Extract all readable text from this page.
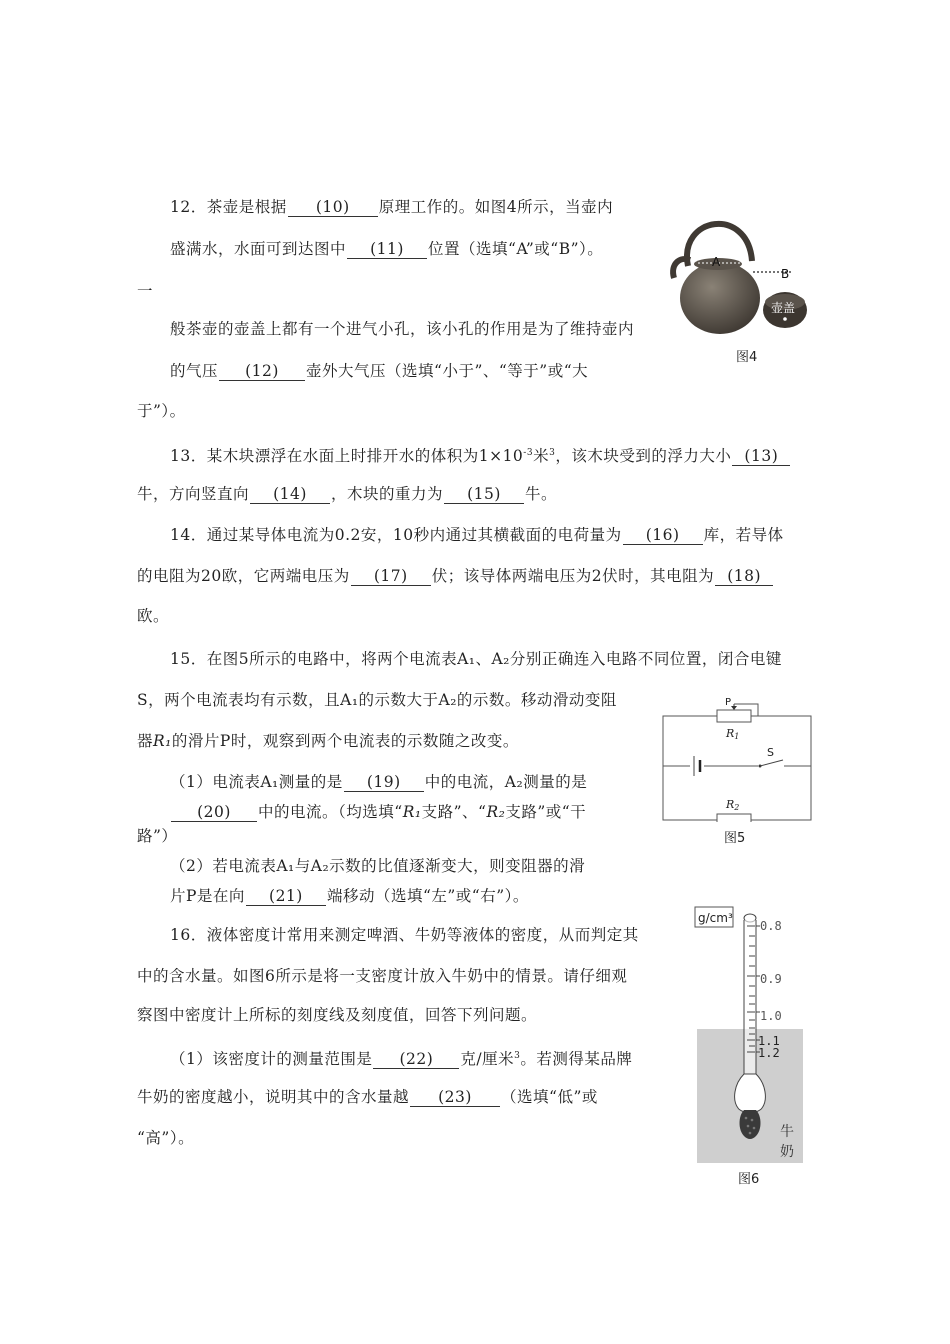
12．茶壶是根据 (10) 原理工作的。如图4所示，当壶内
盛满水，水面可到达图中 (11) 位置（选填“A”或“B”）。
一
般茶壶的壶盖上都有一个进气小孔，该小孔的作用是为了维持壶内
的气压 (12) 壶外大气压（选填“小于”、“等于”或“大
于”）。
A
B
壶盖
图4
13．某木块漂浮在水面上时排开水的体积为$1\times 10^{-3}$米$^3$，该木块受到的浮力大小 (13)
牛，方向竖直向 (14) ，木块的重力为 (15) 牛。
14．通过某导体电流为0.2安，10秒内通过其横截面的电荷量为 (16) 库，若导体
的电阻为20欧，它两端电压为 (17) 伏；该导体两端电压为2伏时，其电阻为 (18)
欧。
15．在图5所示的电路中，将两个电流表A₁、A₂分别正确连入电路不同位置，闭合电键
S，两个电流表均有示数，且A₁的示数大于A₂的示数。移动滑动变阻
器R₁的滑片P时，观察到两个电流表的示数随之改变。
（1）电流表A₁测量的是 (19) 中的电流，A₂测量的是
(20) 中的电流。（均选填“R₁支路”、“R₂支路”或“干
路”）
（2）若电流表A₁与A₂示数的比值逐渐变大，则变阻器的滑
片P是在向 (21) 端移动（选填“左”或“右”）。
P
R1
S
R2
图5
16．液体密度计常用来测定啤酒、牛奶等液体的密度，从而判定其
中的含水量。如图6所示是将一支密度计放入牛奶中的情景。请仔细观
察图中密度计上所标的刻度线及刻度值，回答下列问题。
（1）该密度计的测量范围是 (22) 克/厘米$^3$。若测得某品牌
牛奶的密度越小，说明其中的含水量越 (23) （选填“低”或
“高”）。
g/cm³
0.8
0.9
1.0
1.1
1.2
牛
奶
图6
